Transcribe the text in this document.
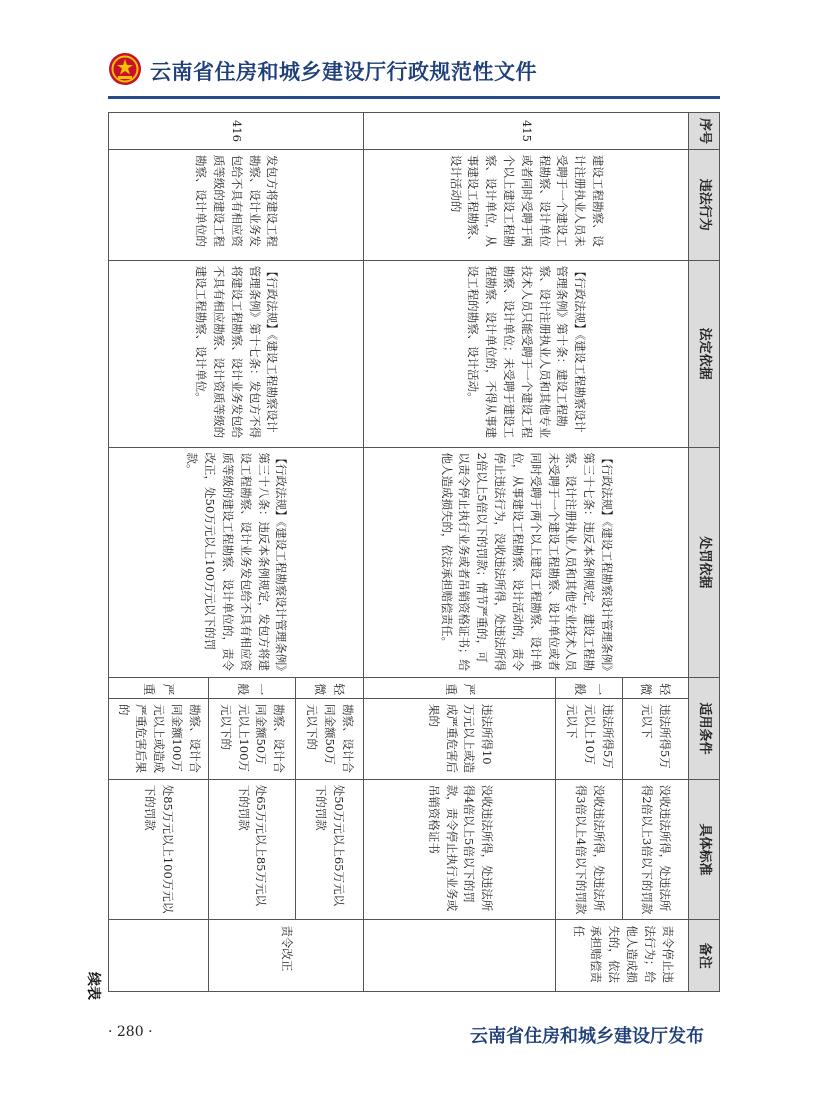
云南省住房和城乡建设厅行政规范性文件
续表
序号	违法行为	法定依据	处罚依据	适用条件		具体标准	备注
415	建设工程勘察、设计注册执业人员未受聘于一个建设工程勘察、设计单位或者同时受聘于两个以上建设工程勘察、设计单位，从事建设工程勘察、设计活动的	【行政法规】《建设工程勘察设计管理条例》第十条：建设工程勘察、设计注册执业人员和其他专业技术人员只能受聘于一个建设工程勘察、设计单位；未受聘于建设工程勘察、设计单位的，不得从事建设工程的勘察、设计活动。	【行政法规】《建设工程勘察设计管理条例》第三十七条：违反本条例规定，建设工程勘察、设计注册执业人员和其他专业技术人员未受聘于一个建设工程勘察、设计单位或者同时受聘于两个以上建设工程勘察、设计单位，从事建设工程勘察、设计活动的，责令停止违法行为，没收违法所得，处违法所得2倍以上5倍以下的罚款；情节严重的，可以责令停止执行业务或者吊销资格证书；给他人造成损失的，依法承担赔偿责任。	轻微	违法所得5万元以下	没收违法所得，处违法所得2倍以上3倍以下的罚款	责令停止违法行为；给他人造成损失的，依法承担赔偿责任
				一般	违法所得5万元以上10万元以下	没收违法所得，处违法所得3倍以上4倍以下的罚款	
				严重	违法所得10万元以上或造成严重危害后果的	没收违法所得，处违法所得4倍以上5倍以下的罚款，责令停止执行业务或吊销资格证书	
416	发包方将建设工程勘察、设计业务发包给不具有相应资质等级的建设工程勘察、设计单位的	【行政法规】《建设工程勘察设计管理条例》第十七条：发包方不得将建设工程勘察、设计业务发包给不具有相应勘察、设计资质等级的建设工程勘察、设计单位。	【行政法规】《建设工程勘察设计管理条例》第三十八条：违反本条例规定，发包方将建设工程勘察、设计业务发包给不具有相应资质等级的建设工程勘察、设计单位的，责令改正，处50万元以上100万元以下的罚款。	轻微	勘察、设计合同金额50万元以下的	处50万元以上65万元以下的罚款	责令改正
				一般	勘察、设计合同金额50万元以上100万元以下的	处65万元以上85万元以下的罚款	
				严重	勘察、设计合同金额100万元以上或造成严重危害后果的	处85万元以上100万元以下的罚款	
· 280 ·	云南省住房和城乡建设厅发布
